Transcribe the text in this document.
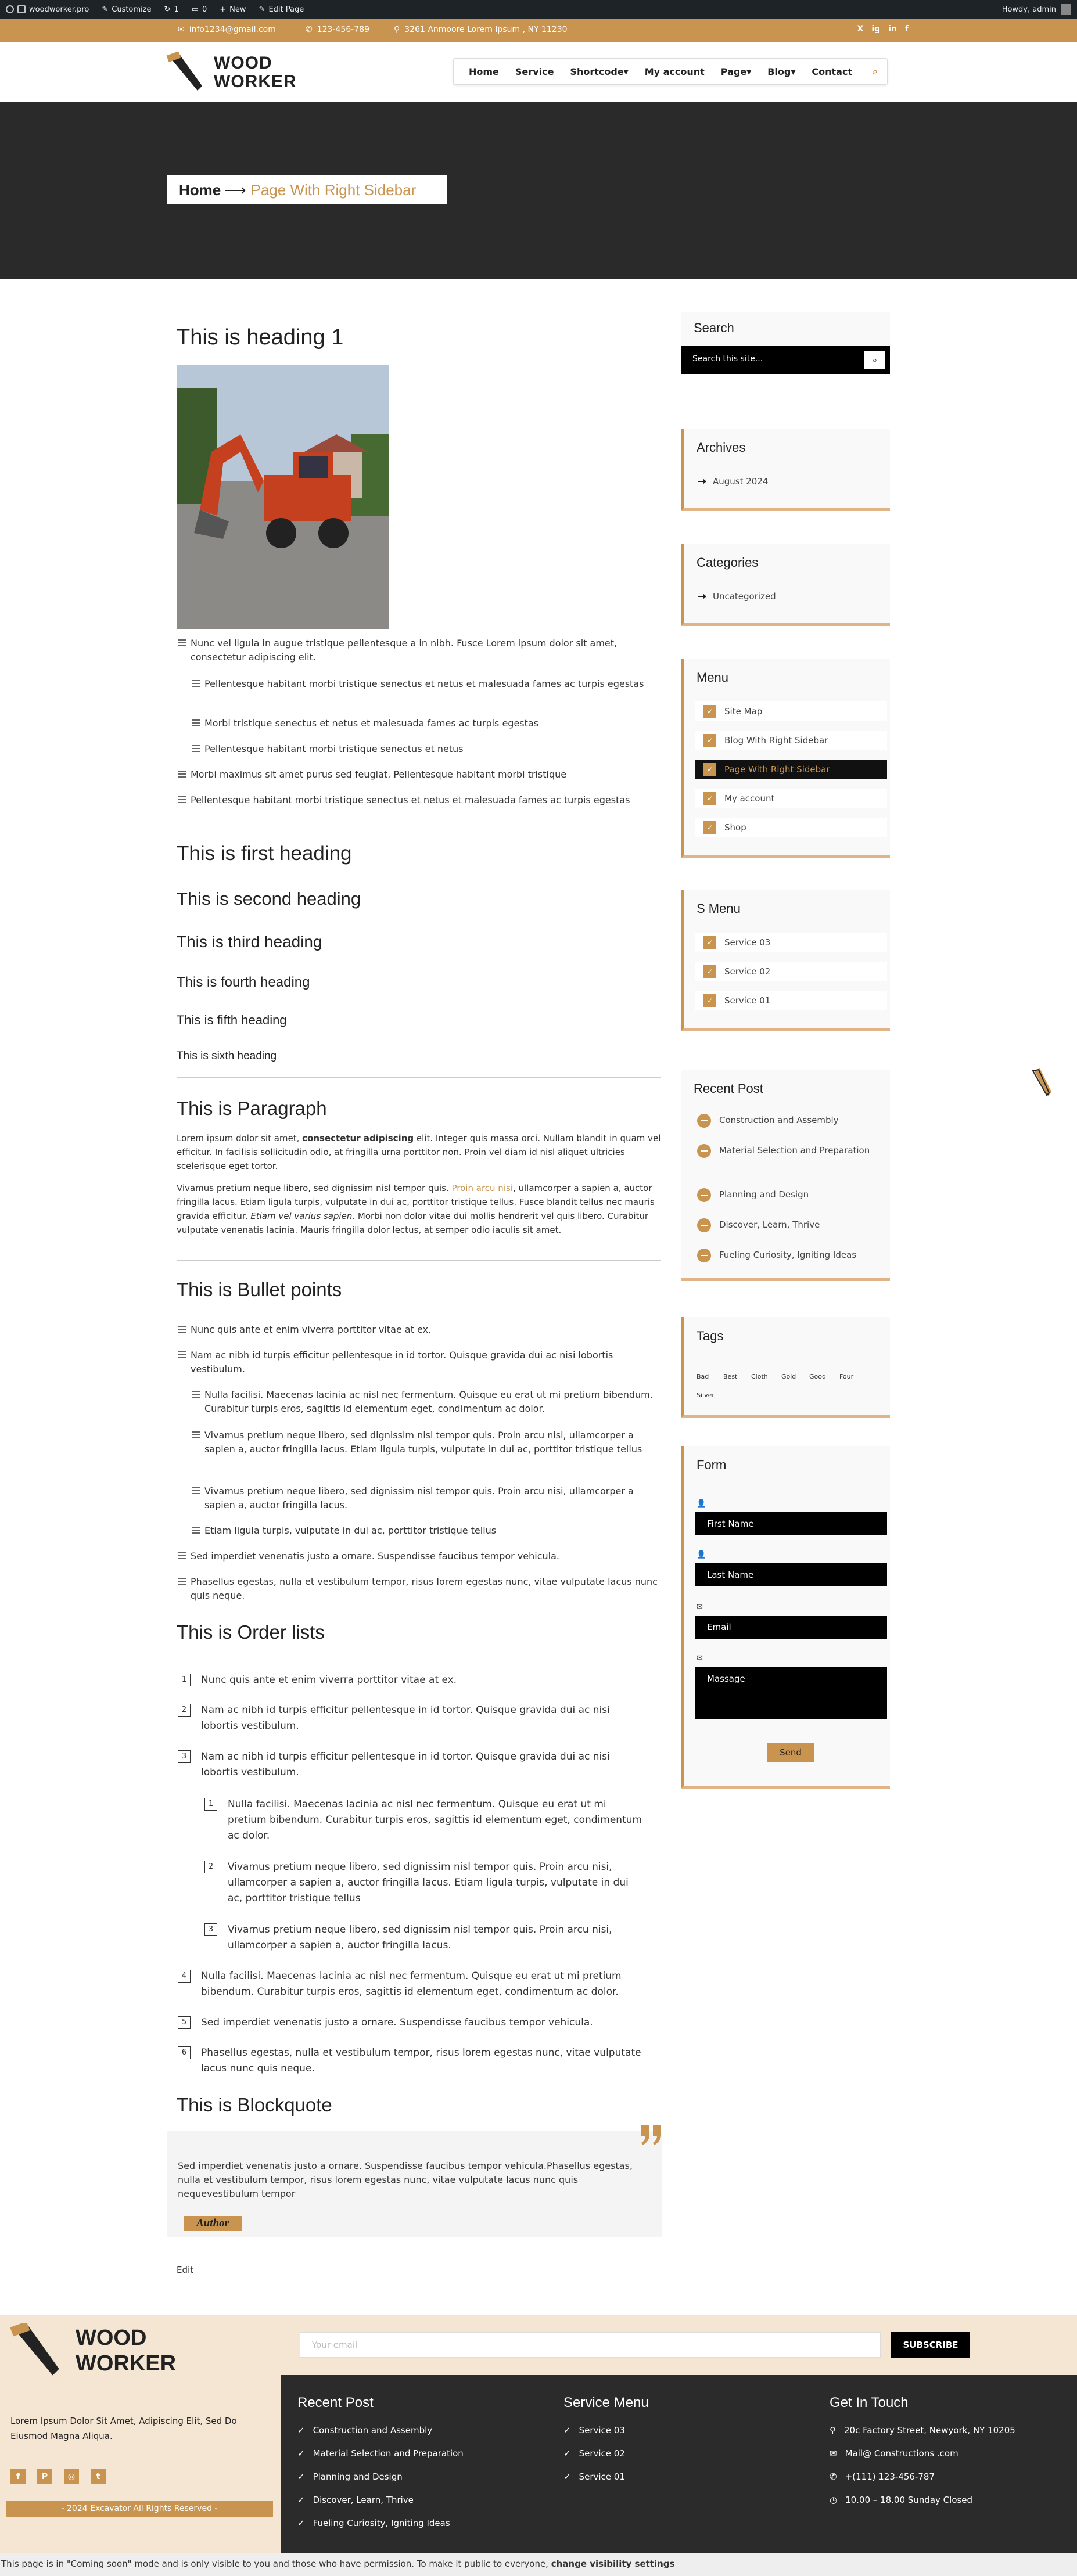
woodworker.pro ✎ Customize ↻ 1 ▭ 0 + New ✎ Edit Page	Howdy, admin
✉ info1234@gmail.com	✆ 123-456-789	⚲ 3261 Anmoore Lorem Ipsum , NY 11230	X ig in f
WOOD
WORKER
Home	Service	Shortcode▾	My account	Page▾	Blog▾	Contact	⌕
Home ⟶ Page With Right Sidebar
This is heading 1
Nunc vel ligula in augue tristique pellentesque a in nibh. Fusce Lorem ipsum dolor sit amet, consectetur adipiscing elit.
Pellentesque habitant morbi tristique senectus et netus et malesuada fames ac turpis egestas
Morbi tristique senectus et netus et malesuada fames ac turpis egestas
Pellentesque habitant morbi tristique senectus et netus
Morbi maximus sit amet purus sed feugiat. Pellentesque habitant morbi tristique
Pellentesque habitant morbi tristique senectus et netus et malesuada fames ac turpis egestas
This is first heading
This is second heading
This is third heading
This is fourth heading
This is fifth heading
This is sixth heading
This is Paragraph
Lorem ipsum dolor sit amet, consectetur adipiscing elit. Integer quis massa orci. Nullam blandit in quam vel efficitur. In facilisis sollicitudin odio, at fringilla urna porttitor non. Proin vel diam id nisl aliquet ultricies scelerisque eget tortor.
Vivamus pretium neque libero, sed dignissim nisl tempor quis. Proin arcu nisi, ullamcorper a sapien a, auctor fringilla lacus. Etiam ligula turpis, vulputate in dui ac, porttitor tristique tellus. Fusce blandit tellus nec mauris gravida efficitur. Etiam vel varius sapien. Morbi non dolor vitae dui mollis hendrerit vel quis libero. Curabitur vulputate venenatis lacinia. Mauris fringilla dolor lectus, at semper odio iaculis sit amet.
This is Bullet points
Nunc quis ante et enim viverra porttitor vitae at ex.
Nam ac nibh id turpis efficitur pellentesque in id tortor. Quisque gravida dui ac nisi lobortis vestibulum.
Nulla facilisi. Maecenas lacinia ac nisl nec fermentum. Quisque eu erat ut mi pretium bibendum. Curabitur turpis eros, sagittis id elementum eget, condimentum ac dolor.
Vivamus pretium neque libero, sed dignissim nisl tempor quis. Proin arcu nisi, ullamcorper a sapien a, auctor fringilla lacus. Etiam ligula turpis, vulputate in dui ac, porttitor tristique tellus
Vivamus pretium neque libero, sed dignissim nisl tempor quis. Proin arcu nisi, ullamcorper a sapien a, auctor fringilla lacus.
Etiam ligula turpis, vulputate in dui ac, porttitor tristique tellus
Sed imperdiet venenatis justo a ornare. Suspendisse faucibus tempor vehicula.
Phasellus egestas, nulla et vestibulum tempor, risus lorem egestas nunc, vitae vulputate lacus nunc quis neque.
This is Order lists
1	Nunc quis ante et enim viverra porttitor vitae at ex.
2	Nam ac nibh id turpis efficitur pellentesque in id tortor. Quisque gravida dui ac nisi lobortis vestibulum.
3	Nam ac nibh id turpis efficitur pellentesque in id tortor. Quisque gravida dui ac nisi lobortis vestibulum.
1	Nulla facilisi. Maecenas lacinia ac nisl nec fermentum. Quisque eu erat ut mi pretium bibendum. Curabitur turpis eros, sagittis id elementum eget, condimentum ac dolor.
2	Vivamus pretium neque libero, sed dignissim nisl tempor quis. Proin arcu nisi, ullamcorper a sapien a, auctor fringilla lacus. Etiam ligula turpis, vulputate in dui ac, porttitor tristique tellus
3	Vivamus pretium neque libero, sed dignissim nisl tempor quis. Proin arcu nisi, ullamcorper a sapien a, auctor fringilla lacus.
4	Nulla facilisi. Maecenas lacinia ac nisl nec fermentum. Quisque eu erat ut mi pretium bibendum. Curabitur turpis eros, sagittis id elementum eget, condimentum ac dolor.
5	Sed imperdiet venenatis justo a ornare. Suspendisse faucibus tempor vehicula.
6	Phasellus egestas, nulla et vestibulum tempor, risus lorem egestas nunc, vitae vulputate lacus nunc quis neque.
This is Blockquote
Sed imperdiet venenatis justo a ornare. Suspendisse faucibus tempor vehicula.Phasellus egestas, nulla et vestibulum tempor, risus lorem egestas nunc, vitae vulputate lacus nunc quis nequevestibulum tempor
Author
Edit
Search
Search this site...	⌕
Archives
August 2024
Categories
Uncategorized
Menu
✓	Site Map
✓	Blog With Right Sidebar
✓	Page With Right Sidebar
✓	My account
✓	Shop
S Menu
✓	Service 03
✓	Service 02
✓	Service 01
Recent Post
Construction and Assembly
Material Selection and Preparation
Planning and Design
Discover, Learn, Thrive
Fueling Curiosity, Igniting Ideas
Tags
Bad Best Cloth Gold Good Four
Silver
Form
👤
First Name
👤
Last Name
✉
Email
✉
Massage
Send
Your email	SUBSCRIBE
WOOD
WORKER
Lorem Ipsum Dolor Sit Amet, Adipiscing Elit, Sed Do Eiusmod Magna Aliqua.
f	P	◎	t
- 2024 Excavator All Rights Reserved -
Recent Post
✓ Construction and Assembly
✓ Material Selection and Preparation
✓ Planning and Design
✓ Discover, Learn, Thrive
✓ Fueling Curiosity, Igniting Ideas
Service Menu
✓ Service 03
✓ Service 02
✓ Service 01
Get In Touch
⚲ 20c Factory Street, Newyork, NY 10205
✉ Mail@ Constructions .com
✆ +(111) 123-456-787
◷ 10.00 – 18.00 Sunday Closed
This page is in "Coming soon" mode and is only visible to you and those who have permission. To make it public to everyone, change visibility settings
